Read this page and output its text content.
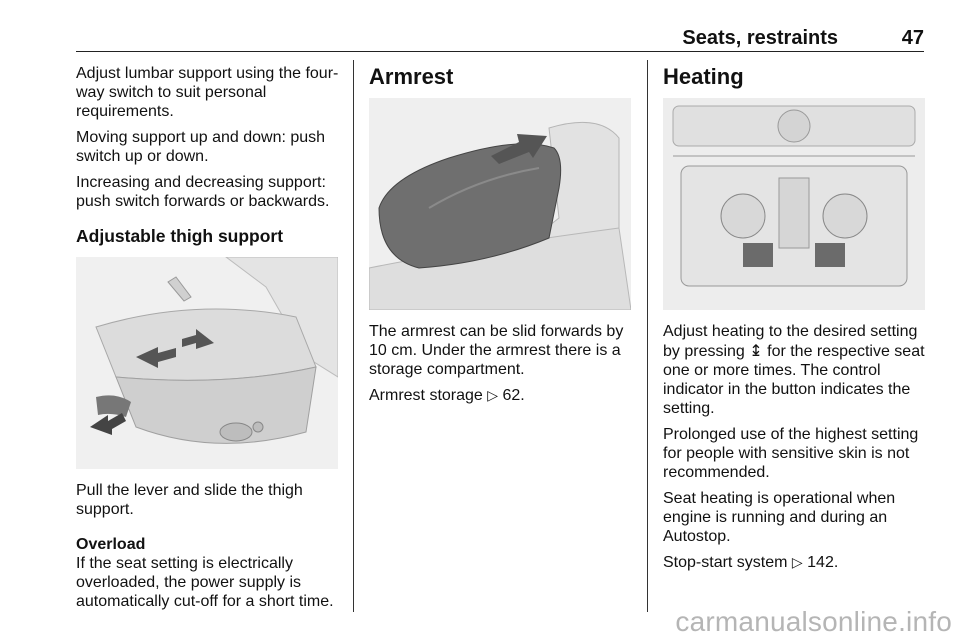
Seats, restraints	47

Adjust lumbar support using the four-way switch to suit personal requirements.

Moving support up and down: push switch up or down.

Increasing and decreasing support: push switch forwards or backwards.

Adjustable thigh support

Pull the lever and slide the thigh support.

Overload

If the seat setting is electrically overloaded, the power supply is automatically cut-off for a short time.

Armrest

The armrest can be slid forwards by 10 cm. Under the armrest there is a storage compartment.

Armrest storage ▷ 62.

Heating

Adjust heating to the desired setting by pressing ↨ for the respective seat one or more times. The control indicator in the button indicates the setting.

Prolonged use of the highest setting for people with sensitive skin is not recommended.

Seat heating is operational when engine is running and during an Autostop.

Stop-start system ▷ 142.

carmanualsonline.info
